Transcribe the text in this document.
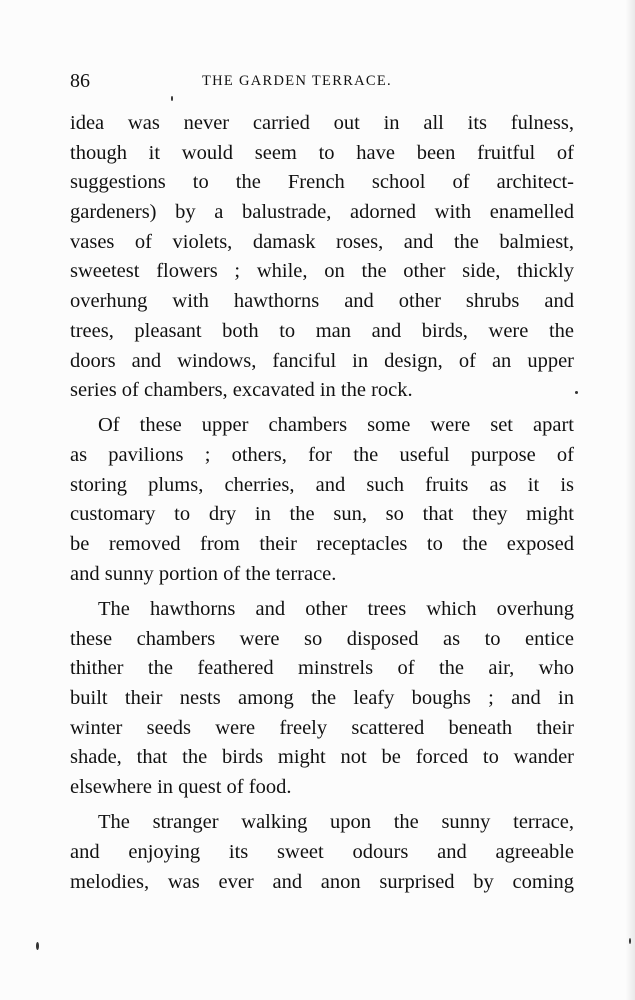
86	THE GARDEN TERRACE.
idea was never carried out in all its fulness,
though it would seem to have been fruitful of
suggestions to the French school of architect-
gardeners) by a balustrade, adorned with enamelled
vases of violets, damask roses, and the balmiest,
sweetest flowers ; while, on the other side, thickly
overhung with hawthorns and other shrubs and
trees, pleasant both to man and birds, were the
doors and windows, fanciful in design, of an upper
series of chambers, excavated in the rock.
Of these upper chambers some were set apart
as pavilions ; others, for the useful purpose of
storing plums, cherries, and such fruits as it is
customary to dry in the sun, so that they might
be removed from their receptacles to the exposed
and sunny portion of the terrace.
The hawthorns and other trees which overhung
these chambers were so disposed as to entice
thither the feathered minstrels of the air, who
built their nests among the leafy boughs ; and in
winter seeds were freely scattered beneath their
shade, that the birds might not be forced to wander
elsewhere in quest of food.
The stranger walking upon the sunny terrace,
and enjoying its sweet odours and agreeable
melodies, was ever and anon surprised by coming
